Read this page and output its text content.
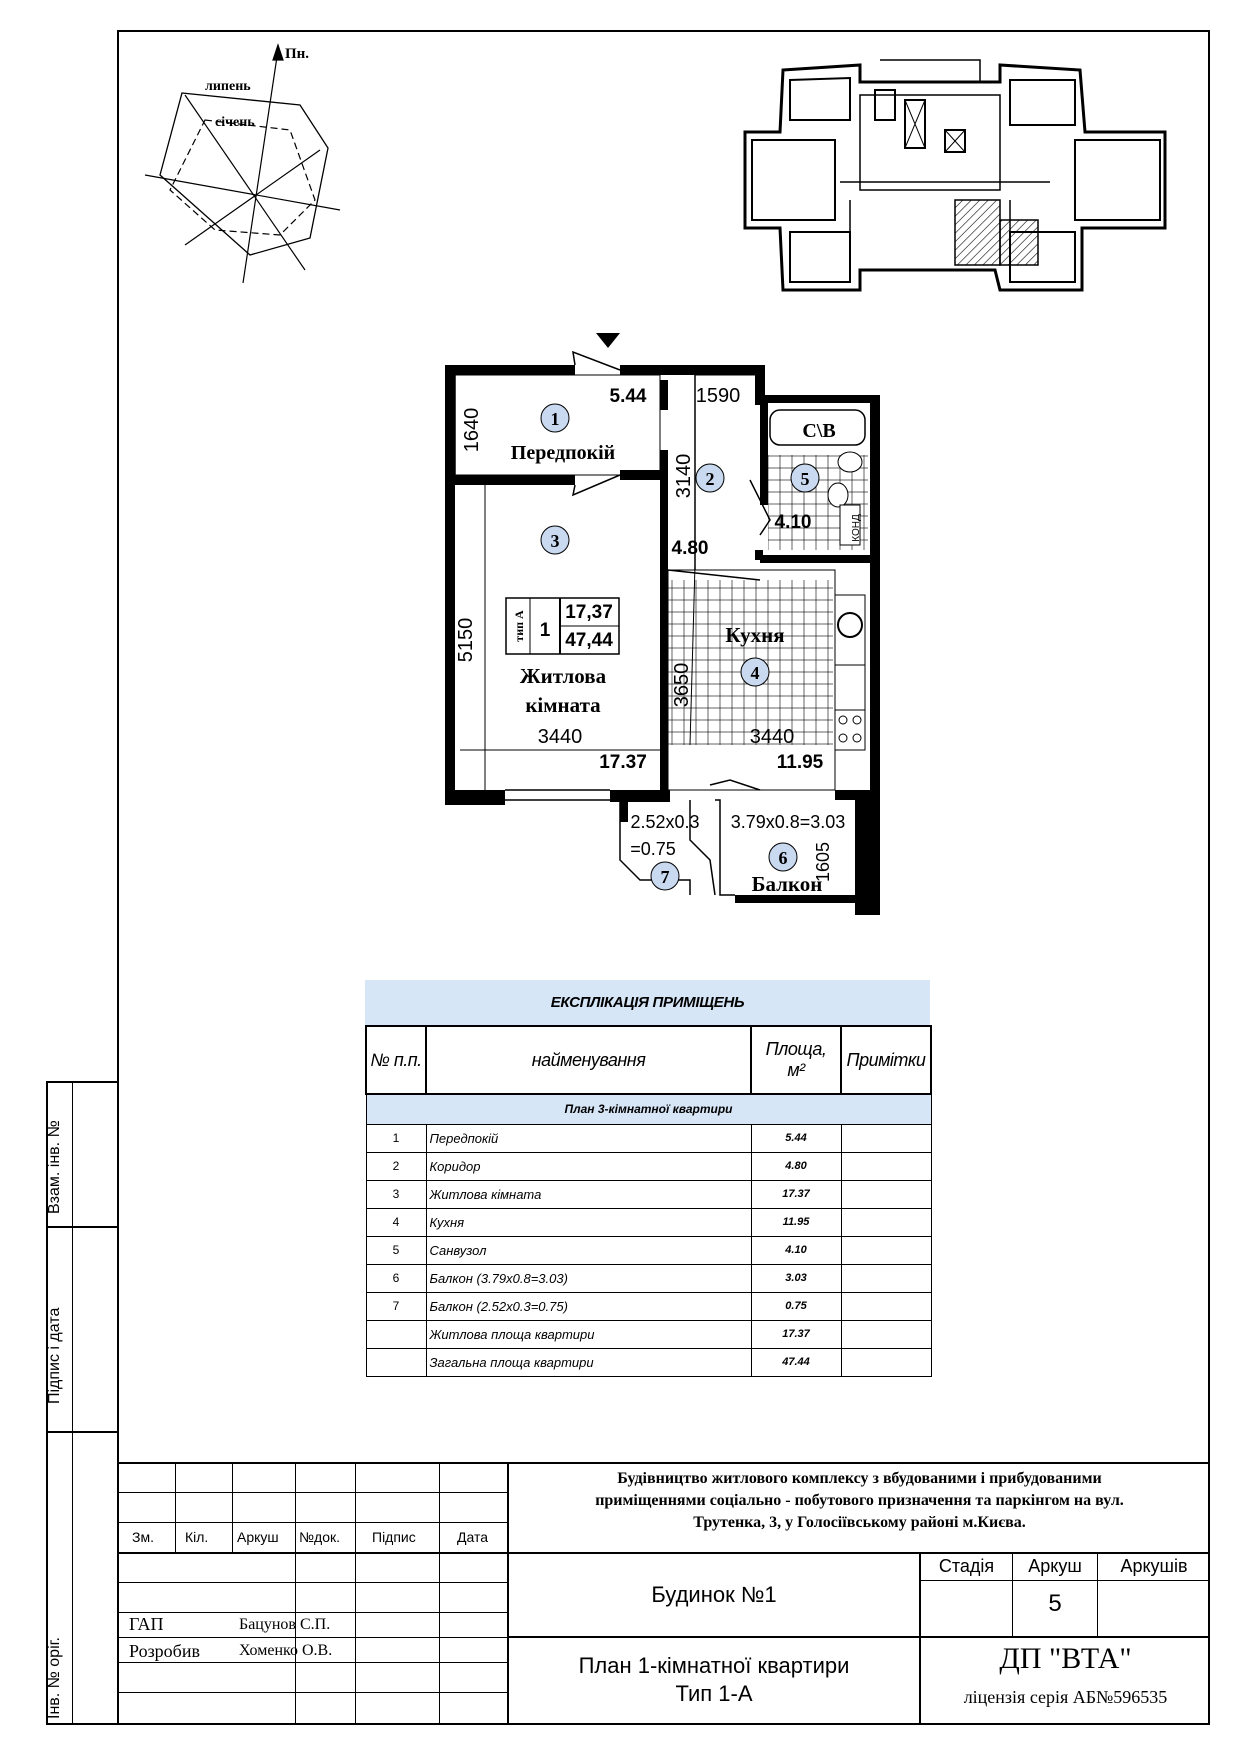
Взам. інв. №
Підпис і дата
Інв. № оріг.
Пн.
липень
січень
1
2
3
4
5
6
7
Передпокій
Житлова
кімната
Кухня
Балкон
С\В
5.44
4.80
17.37	11.95
4.10
3.79x0.8=3.03
2.52x0.3
=0.75
1640
1590
3140
5150
3440
3650
3440
1605
КОНД
тип А 1
17,37
47,44
ЕКСПЛІКАЦІЯ ПРИМІЩЕНЬ
№ п.п.	найменування	Площа, м²	Примітки
План 3-кімнатної квартири			
1	Передпокій	5.44	
2	Коридор	4.80	
3	Житлова кімната	17.37	
4	Кухня	11.95	
5	Санвузол	4.10	
6	Балкон (3.79x0.8=3.03)	3.03	
7	Балкон (2.52x0.3=0.75)	0.75	
	Житлова площа квартири	17.37	
	Загальна площа квартири	47.44	
Зм. Кіл. Аркуш №док. Підпис	Дата
ГАП	Бацунов С.П.
Розробив Хоменко О.В.
Будівництво житлового комплексу з вбудованими і прибудованими
приміщеннями соціально - побутового призначення та паркінгом на вул.
Трутенка, 3, у Голосіївському районі м.Києва.
Будинок №1
План 1-кімнатної квартири
Тип 1-А
Стадія	Аркуш	Аркушів
5
ДП "ВТА"
ліцензія серія АБ№596535
